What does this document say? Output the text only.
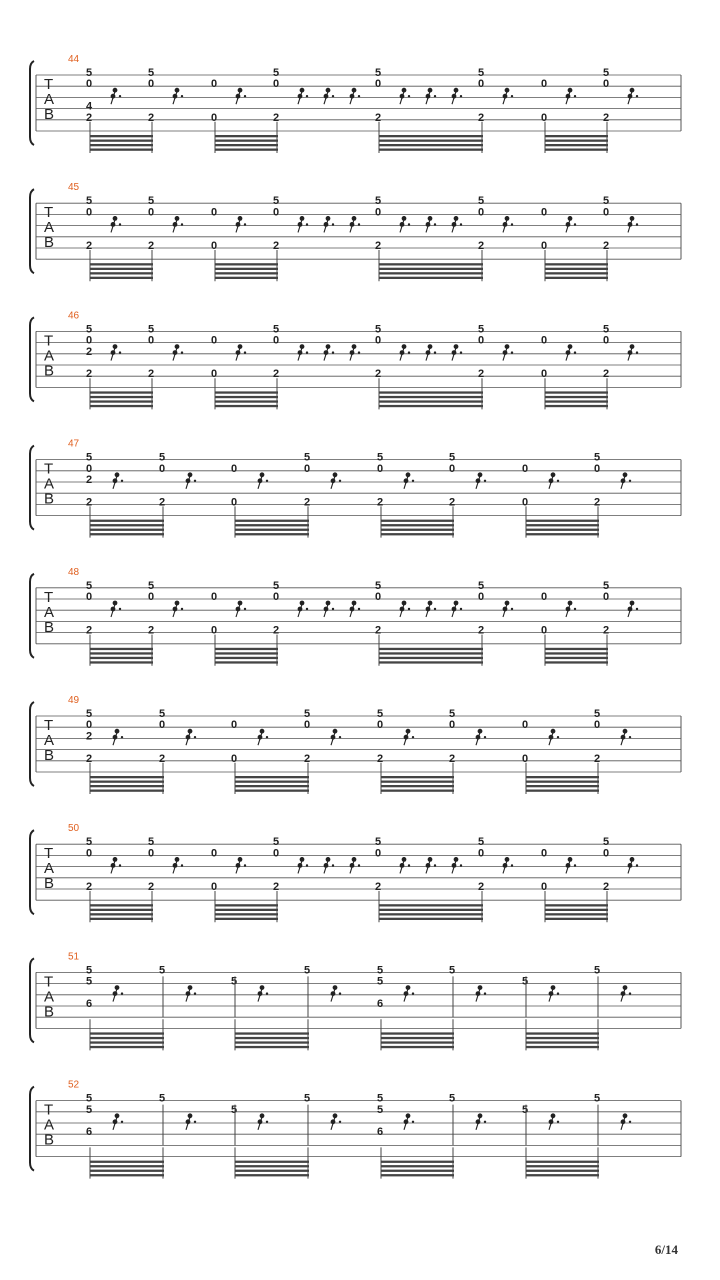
T
A
B
44
5
0
2
5
0
2
0
0
5
0
2
5
0
2
5
0
2
0
0
5
0
2
4
T
A
B
45
5
0
2
5
0
2
0
0
5
0
2
5
0
2
5
0
2
0
0
5
0
2
T
A
B
46
5
0
2
5
0
2
0
0
5
0
2
5
0
2
5
0
2
0
0
5
0
2
2
T
A
B
47
5
0
2
5
0
2
0
0
5
0
2
5
0
2
5
0
2
0
0
5
0
2
2
T
A
B
48
5
0
2
5
0
2
0
0
5
0
2
5
0
2
5
0
2
0
0
5
0
2
T
A
B
49
5
0
2
5
0
2
0
0
5
0
2
5
0
2
5
0
2
0
0
5
0
2
2
T
A
B
50
5
0
2
5
0
2
0
0
5
0
2
5
0
2
5
0
2
0
0
5
0
2
T
A
B
51
5
5
6
5
5
5	5
5
6
5
5
5
T
A
B
52
5
5
6
5
5
5	5
5
6
5
5
5
6/14
